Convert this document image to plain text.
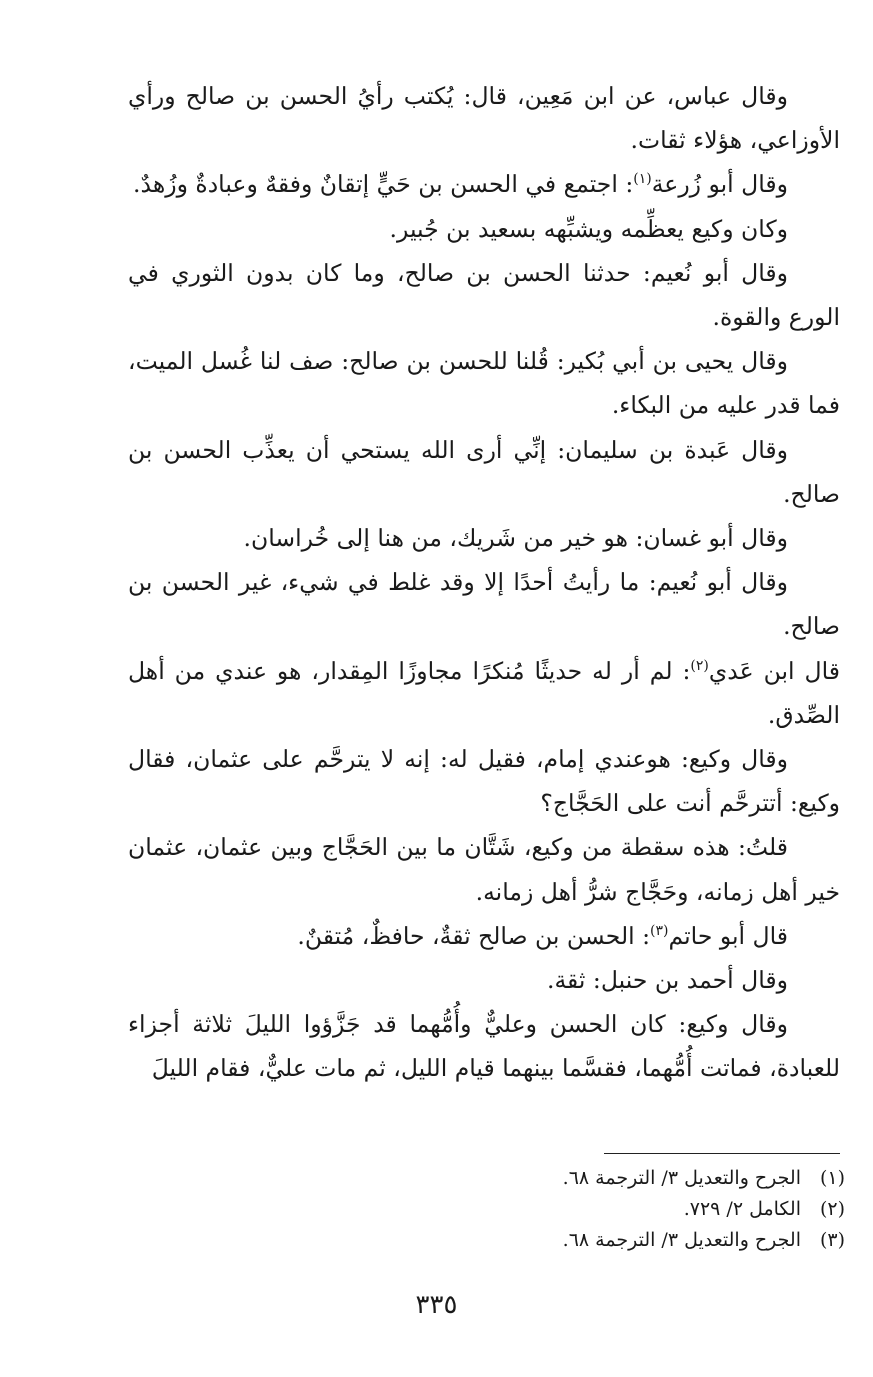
وقال عباس، عن ابن مَعِين، قال: يُكتب رأيُ الحسن بن صالح ورأي الأوزاعي، هؤلاء ثقات.

وقال أبو زُرعة$^{(١)}$: اجتمع في الحسن بن حَيٍّ إتقانٌ وفقهٌ وعبادةٌ وزُهدٌ.

وكان وكيع يعظِّمه ويشبِّهه بسعيد بن جُبير.

وقال أبو نُعيم: حدثنا الحسن بن صالح، وما كان بدون الثوري في الورع والقوة.

وقال يحيى بن أبي بُكير: قُلنا للحسن بن صالح: صف لنا غُسل الميت، فما قدر عليه من البكاء.

وقال عَبدة بن سليمان: إنِّي أرى الله يستحي أن يعذِّب الحسن بن صالح.

وقال أبو غسان: هو خير من شَريك، من هنا إلى خُراسان.

وقال أبو نُعيم: ما رأيتُ أحدًا إلا وقد غلط في شيء، غير الحسن بن صالح.

قال ابن عَدي$^{(٢)}$: لم أر له حديثًا مُنكرًا مجاوزًا المِقدار، هو عندي من أهل الصِّدق.

وقال وكيع: هوعندي إمام، فقيل له: إنه لا يترحَّم على عثمان، فقال وكيع: أتترحَّم أنت على الحَجَّاج؟

قلتُ: هذه سقطة من وكيع، شَتَّان ما بين الحَجَّاج وبين عثمان، عثمان خير أهل زمانه، وحَجَّاج شرُّ أهل زمانه.

قال أبو حاتم$^{(٣)}$: الحسن بن صالح ثقةٌ، حافظٌ، مُتقنٌ.

وقال أحمد بن حنبل: ثقة.

وقال وكيع: كان الحسن وعليٌّ وأُمُّهما قد جَزَّؤوا الليلَ ثلاثة أجزاء للعبادة، فماتت أُمُّهما، فقسَّما بينهما قيام الليل، ثم مات عليٌّ، فقام الليلَ

(١)الجرح والتعديل ٣/ الترجمة ٦٨.
(٢)الكامل ٢/ ٧٢٩.
(٣)الجرح والتعديل ٣/ الترجمة ٦٨.
٣٣٥
